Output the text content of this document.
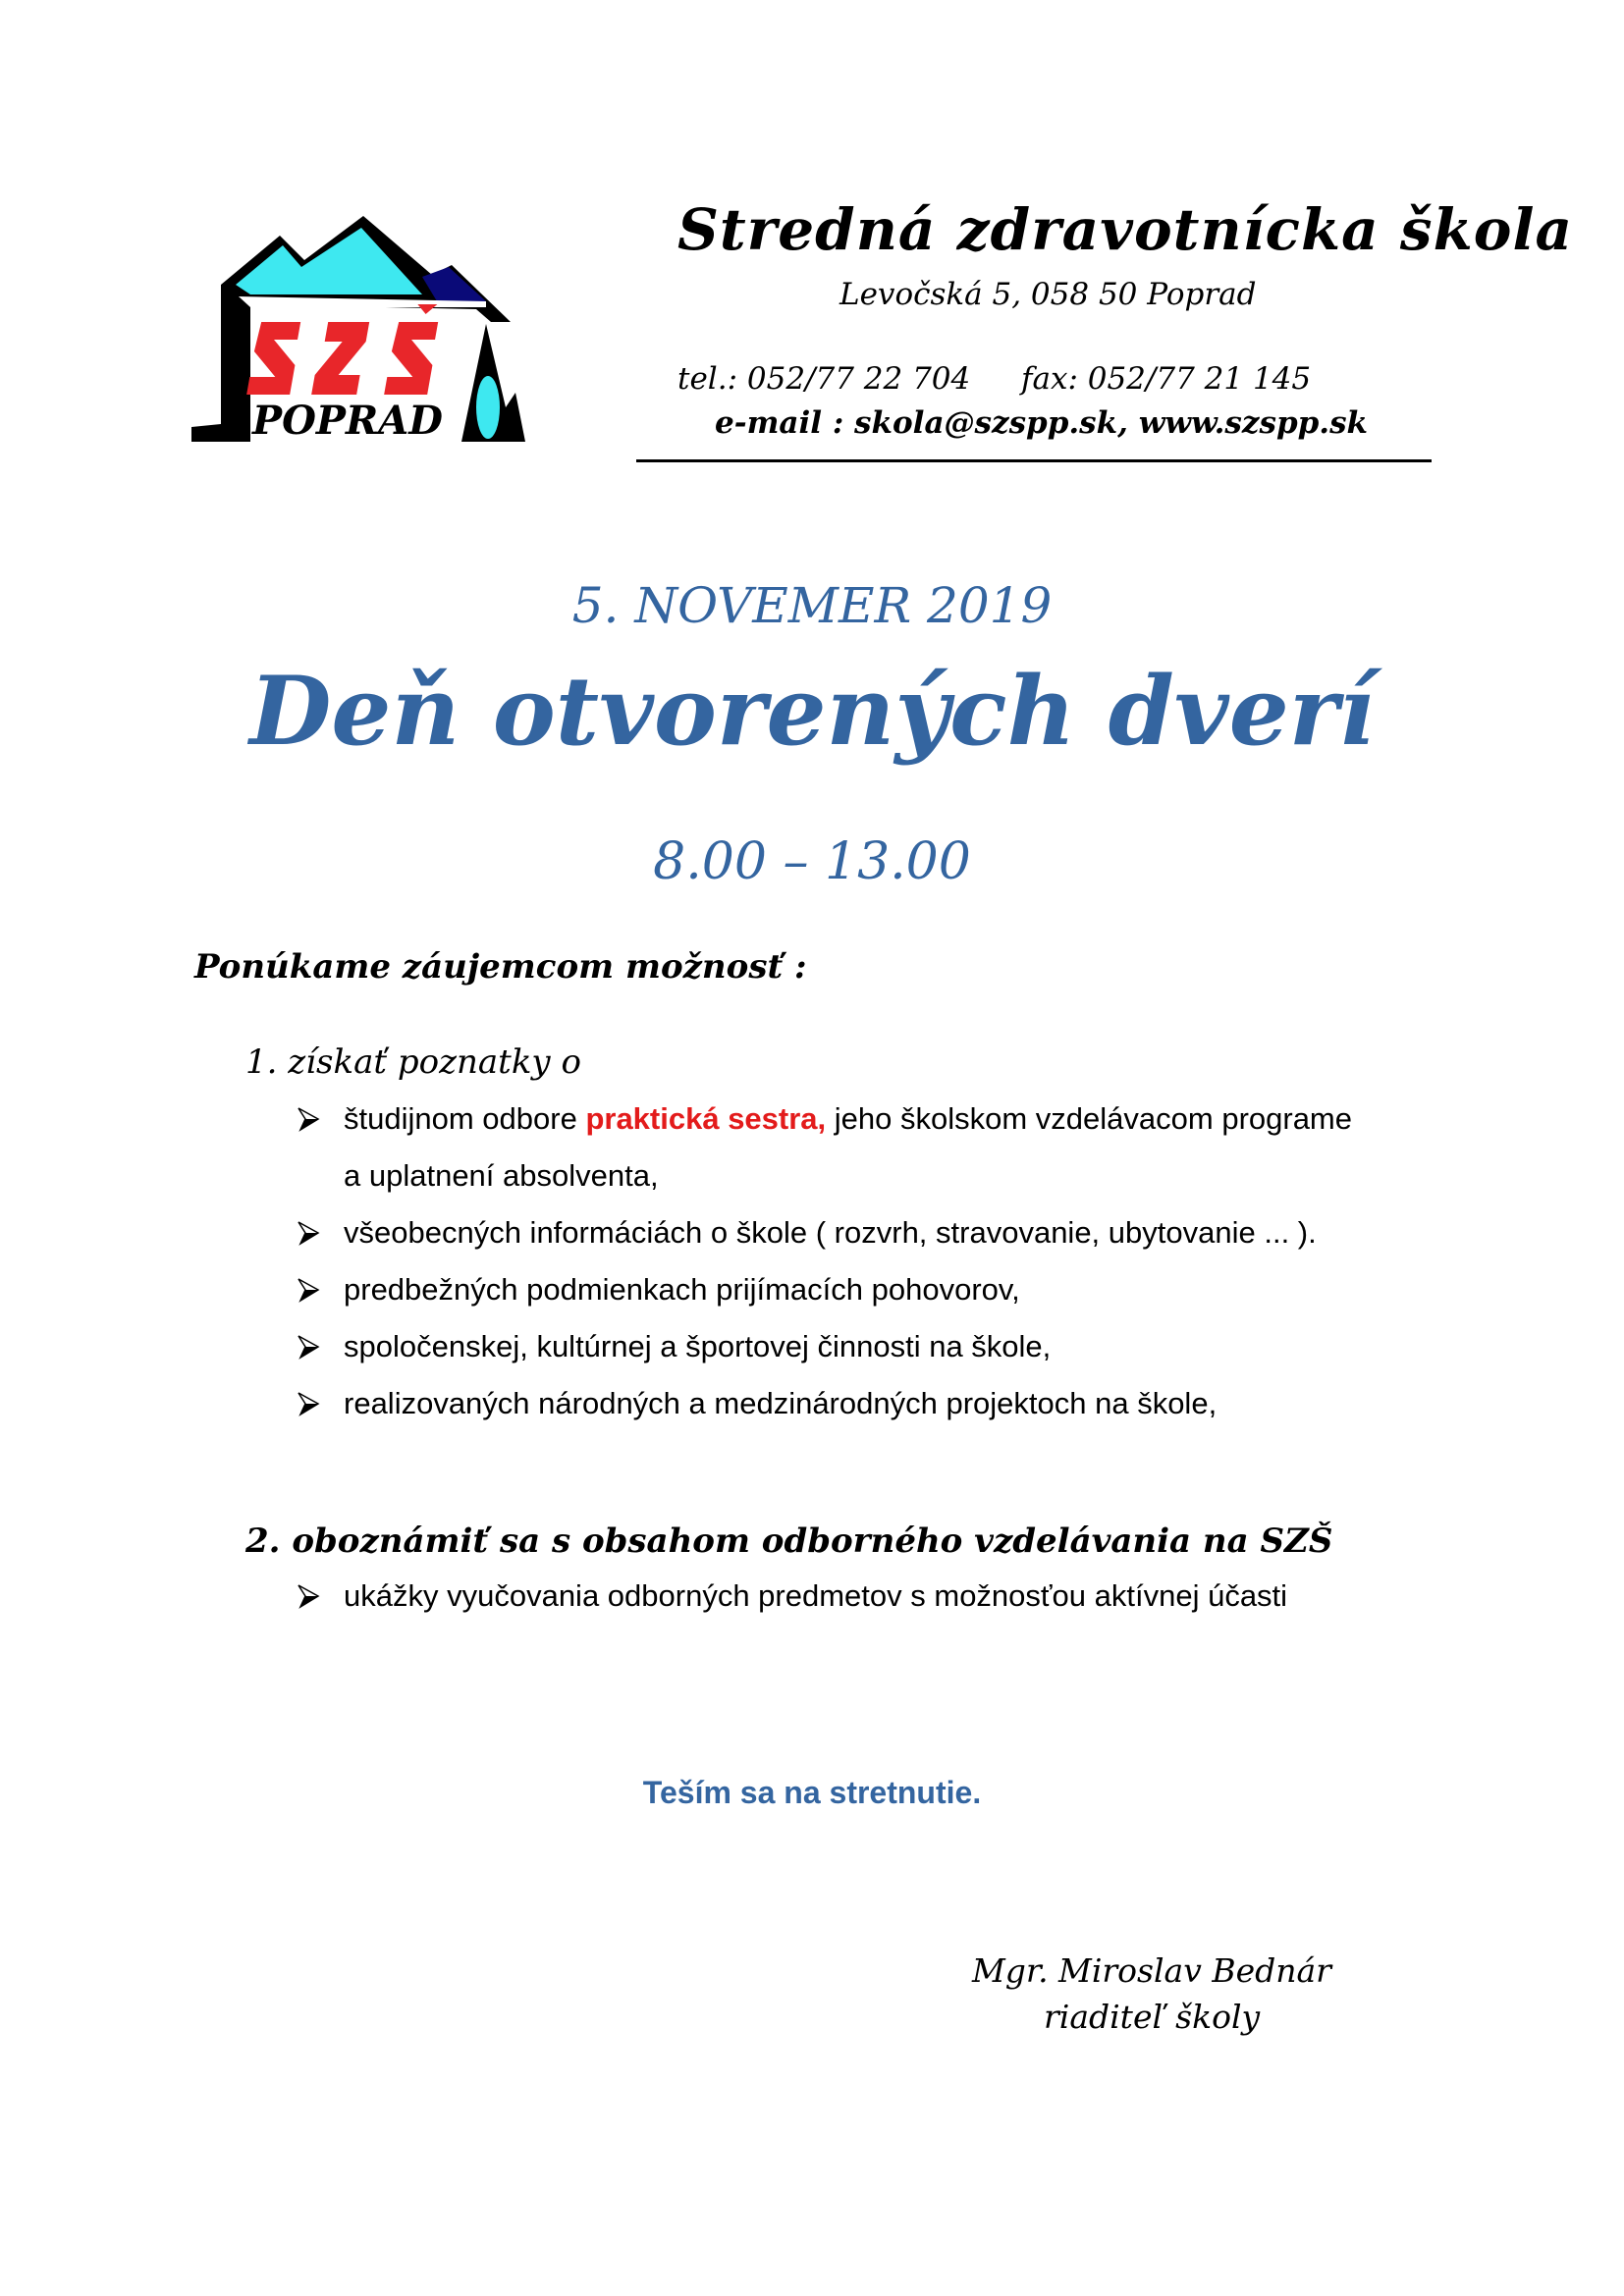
POPRAD
Stredná zdravotnícka škola
Levočská 5, 058 50 Poprad
tel.: 052/77 22 704 fax: 052/77 21 145
e-mail : skola@szspp.sk, www.szspp.sk
5. NOVEMER 2019
Deň otvorených dverí
8.00 – 13.00
Ponúkame záujemcom možnosť :
1. získať poznatky o
študijnom odbore praktická sestra, jeho školskom vzdelávacom programe
a uplatnení absolventa,
všeobecných informáciách o škole ( rozvrh, stravovanie, ubytovanie ... ).
predbežných podmienkach prijímacích pohovorov,
spoločenskej, kultúrnej a športovej činnosti na škole,
realizovaných národných a medzinárodných projektoch na škole,
2. oboznámiť sa s obsahom odborného vzdelávania na SZŠ
ukážky vyučovania odborných predmetov s možnosťou aktívnej účasti
Teším sa na stretnutie.
Mgr. Miroslav Bednár
riaditeľ školy
